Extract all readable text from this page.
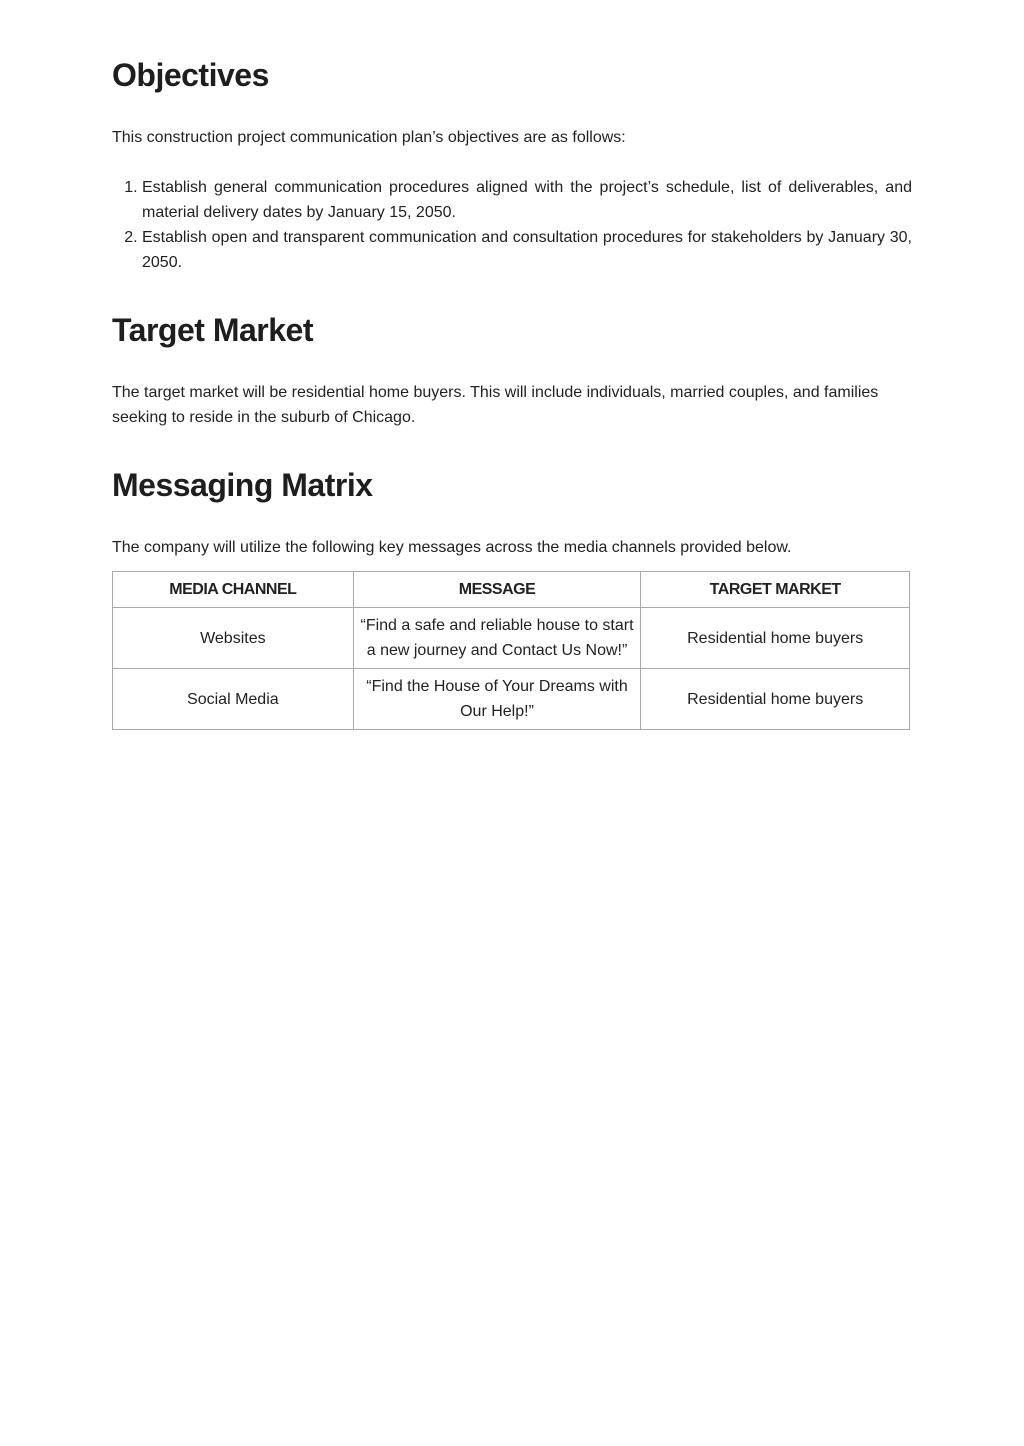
Objectives

This construction project communication plan’s objectives are as follows:

1. Establish general communication procedures aligned with the project’s schedule, list of deliverables, and material delivery dates by January 15, 2050.
2. Establish open and transparent communication and consultation procedures for stakeholders by January 30, 2050.
Target Market

The target market will be residential home buyers. This will include individuals, married couples, and families seeking to reside in the suburb of Chicago.

Messaging Matrix

The company will utilize the following key messages across the media channels provided below.

MEDIA CHANNEL	MESSAGE	TARGET MARKET
Websites	“Find a safe and reliable house to start a new journey and Contact Us Now!”	Residential home buyers
Social Media	“Find the House of Your Dreams with Our Help!”	Residential home buyers
